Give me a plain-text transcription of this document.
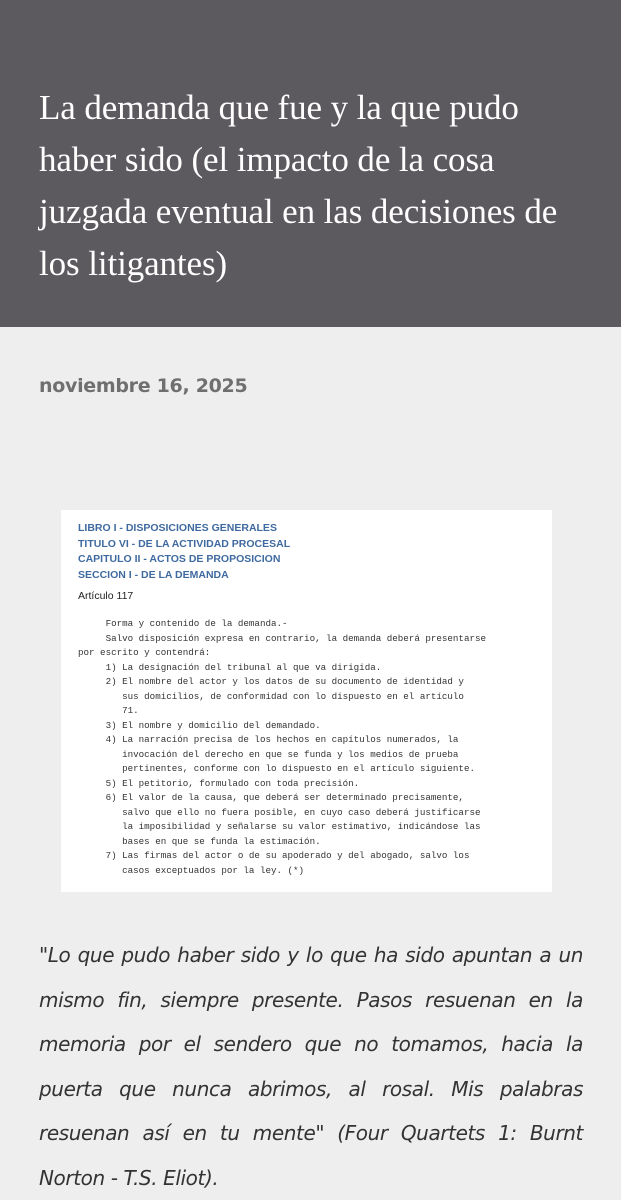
La demanda que fue y la que pudo haber sido (el impacto de la cosa juzgada eventual en las decisiones de los litigantes)
noviembre 16, 2025
LIBRO I - DISPOSICIONES GENERALES
TITULO VI - DE LA ACTIVIDAD PROCESAL
CAPITULO II - ACTOS DE PROPOSICION
SECCION I - DE LA DEMANDA
Artículo 117
Forma y contenido de la demanda.-
Salvo disposición expresa en contrario, la demanda deberá presentarse
por escrito y contendrá:
1) La designación del tribunal al que va dirigida.
2) El nombre del actor y los datos de su documento de identidad y
sus domicilios, de conformidad con lo dispuesto en el artículo
71.
3) El nombre y domicilio del demandado.
4) La narración precisa de los hechos en capítulos numerados, la
invocación del derecho en que se funda y los medios de prueba
pertinentes, conforme con lo dispuesto en el artículo siguiente.
5) El petitorio, formulado con toda precisión.
6) El valor de la causa, que deberá ser determinado precisamente,
salvo que ello no fuera posible, en cuyo caso deberá justificarse
la imposibilidad y señalarse su valor estimativo, indicándose las
bases en que se funda la estimación.
7) Las firmas del actor o de su apoderado y del abogado, salvo los
casos exceptuados por la ley. (*)

"Lo que pudo haber sido y lo que ha sido apuntan a un mismo fin, siempre presente. Pasos resuenan en la memoria por el sendero que no tomamos, hacia la puerta que nunca abrimos, al rosal. Mis palabras resuenan así en tu mente" (Four Quartets 1: Burnt Norton - T.S. Eliot).
